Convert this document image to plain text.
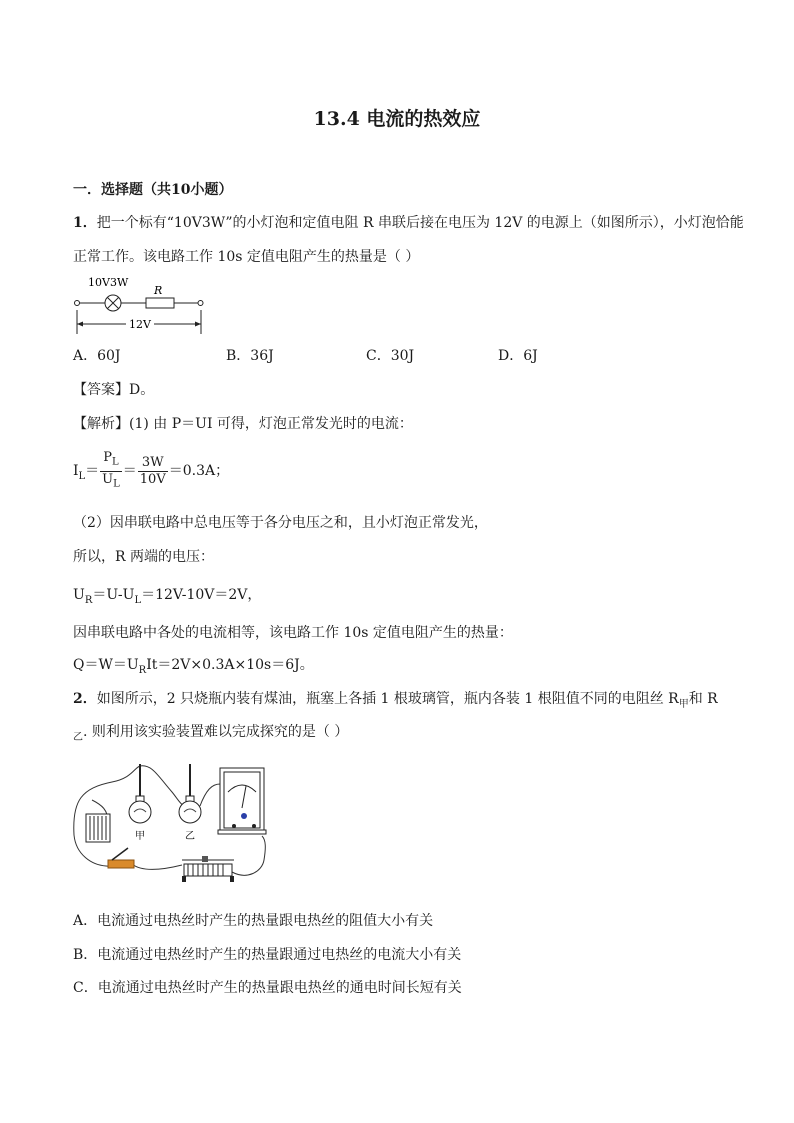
13.4 电流的热效应
一．选择题（共10小题）
1．把一个标有“10V3W”的小灯泡和定值电阻 R 串联后接在电压为 12V 的电源上（如图所示），小灯泡恰能
正常工作。该电路工作 10s 定值电阻产生的热量是（ ）
10V3W
R
12V
A．60J	B．36J	C．30J	D．6J
【答案】D。
【解析】(1) 由 P＝UI 可得，灯泡正常发光时的电流：
$I_L= \frac{P_L}{U_L} = \frac{3W}{10V} =0.3A$；
（2）因串联电路中总电压等于各分电压之和，且小灯泡正常发光，
所以，R 两端的电压：
$U_R=U-U_L=12V-10V=2V$，
因串联电路中各处的电流相等，该电路工作 10s 定值电阻产生的热量：
$Q=W=U_RIt=2V\times 0.3A\times 10s=6J$。
2．如图所示，2 只烧瓶内装有煤油，瓶塞上各插 1 根玻璃管，瓶内各装 1 根阻值不同的电阻丝 $R_甲$和 R
$_乙$. 则利用该实验装置难以完成探究的是（ ）
甲	乙
A．电流通过电热丝时产生的热量跟电热丝的阻值大小有关
B．电流通过电热丝时产生的热量跟通过电热丝的电流大小有关
C．电流通过电热丝时产生的热量跟电热丝的通电时间长短有关
